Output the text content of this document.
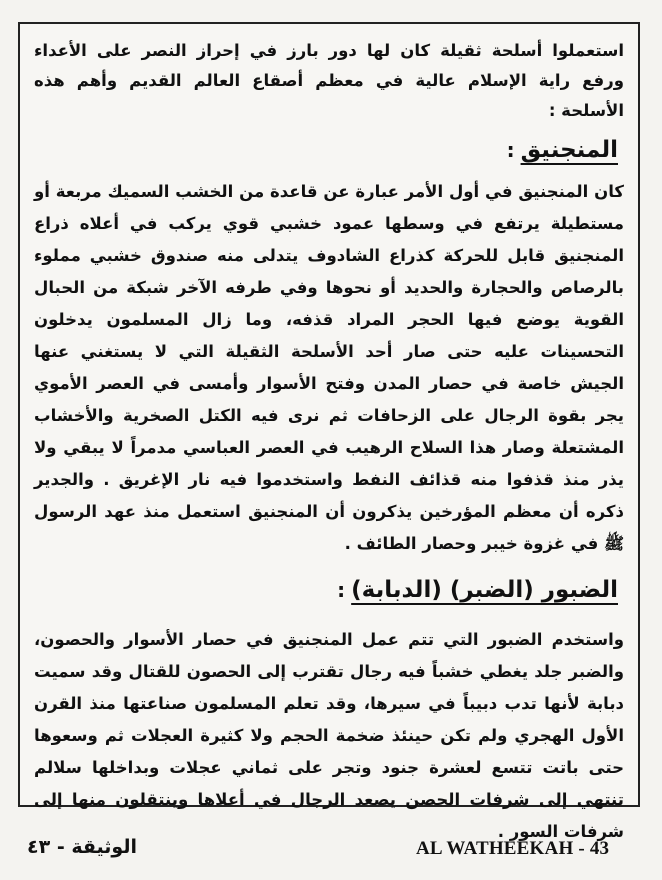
استعملوا أسلحة ثقيلة كان لها دور بارز في إحراز النصر على الأعداء ورفع راية الإسلام عالية في معظم أصقاع العالم القديم وأهم هذه الأسلحة :

المنجنيق:

كان المنجنيق في أول الأمر عبارة عن قاعدة من الخشب السميك مربعة أو مستطيلة يرتفع في وسطها عمود خشبي قوي يركب في أعلاه ذراع المنجنيق قابل للحركة كذراع الشادوف يتدلى منه صندوق خشبي مملوء بالرصاص والحجارة والحديد أو نحوها وفي طرفه الآخر شبكة من الحبال القوية يوضع فيها الحجر المراد قذفه، وما زال المسلمون يدخلون التحسينات عليه حتى صار أحد الأسلحة الثقيلة التي لا يستغني عنها الجيش خاصة في حصار المدن وفتح الأسوار وأمسى في العصر الأموي يجر بقوة الرجال على الزحافات ثم نرى فيه الكتل الصخرية والأخشاب المشتعلة وصار هذا السلاح الرهيب في العصر العباسي مدمراً لا يبقي ولا يذر منذ قذفوا منه قذائف النفط واستخدموا فيه نار الإغريق . والجدير ذكره أن معظم المؤرخين يذكرون أن المنجنيق استعمل منذ عهد الرسول ﷺ في غزوة خيبر وحصار الطائف .

الضبور (الضبر) (الدبابة):

واستخدم الضبور التي تتم عمل المنجنيق في حصار الأسوار والحصون، والضبر جلد يغطي خشباً فيه رجال تقترب إلى الحصون للقتال وقد سميت دبابة لأنها تدب دبيباً في سيرها، وقد تعلم المسلمون صناعتها منذ القرن الأول الهجري ولم تكن حينئذ ضخمة الحجم ولا كثيرة العجلات ثم وسعوها حتى باتت تتسع لعشرة جنود وتجر على ثماني عجلات وبداخلها سلالم تنتهي إلى شرفات الحصن يصعد الرجال في أعلاها وينتقلون منها إلى شرفات السور .

AL WATHEEKAH - 43
الوثيقة - ٤٣
